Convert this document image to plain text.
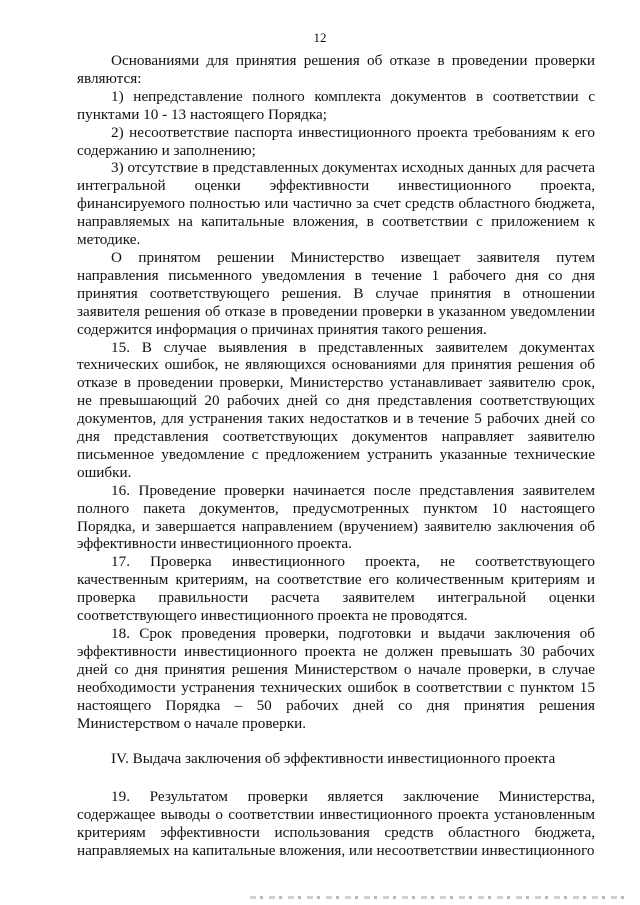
12

Основаниями для принятия решения об отказе в проведении проверки являются:

1) непредставление полного комплекта документов в соответствии с пунктами 10 - 13 настоящего Порядка;

2) несоответствие паспорта инвестиционного проекта требованиям к его содержанию и заполнению;

3) отсутствие в представленных документах исходных данных для расчета интегральной оценки эффективности инвестиционного проекта, финансируемого полностью или частично за счет средств областного бюджета, направляемых на капитальные вложения, в соответствии с приложением к методике.

О принятом решении Министерство извещает заявителя путем направления письменного уведомления в течение 1 рабочего дня со дня принятия соответствующего решения. В случае принятия в отношении заявителя решения об отказе в проведении проверки в указанном уведомлении содержится информация о причинах принятия такого решения.

15. В случае выявления в представленных заявителем документах технических ошибок, не являющихся основаниями для принятия решения об отказе в проведении проверки, Министерство устанавливает заявителю срок, не превышающий 20 рабочих дней со дня представления соответствующих документов, для устранения таких недостатков и в течение 5 рабочих дней со дня представления соответствующих документов направляет заявителю письменное уведомление с предложением устранить указанные технические ошибки.

16. Проведение проверки начинается после представления заявителем полного пакета документов, предусмотренных пунктом 10 настоящего Порядка, и завершается направлением (вручением) заявителю заключения об эффективности инвестиционного проекта.

17. Проверка инвестиционного проекта, не соответствующего качественным критериям, на соответствие его количественным критериям и проверка правильности расчета заявителем интегральной оценки соответствующего инвестиционного проекта не проводятся.

18. Срок проведения проверки, подготовки и выдачи заключения об эффективности инвестиционного проекта не должен превышать 30 рабочих дней со дня принятия решения Министерством о начале проверки, в случае необходимости устранения технических ошибок в соответствии с пунктом 15 настоящего Порядка – 50 рабочих дней со дня принятия решения Министерством о начале проверки.

IV. Выдача заключения об эффективности инвестиционного проекта

19. Результатом проверки является заключение Министерства, содержащее выводы о соответствии инвестиционного проекта установленным критериям эффективности использования средств областного бюджета, направляемых на капитальные вложения, или несоответствии инвестиционного
